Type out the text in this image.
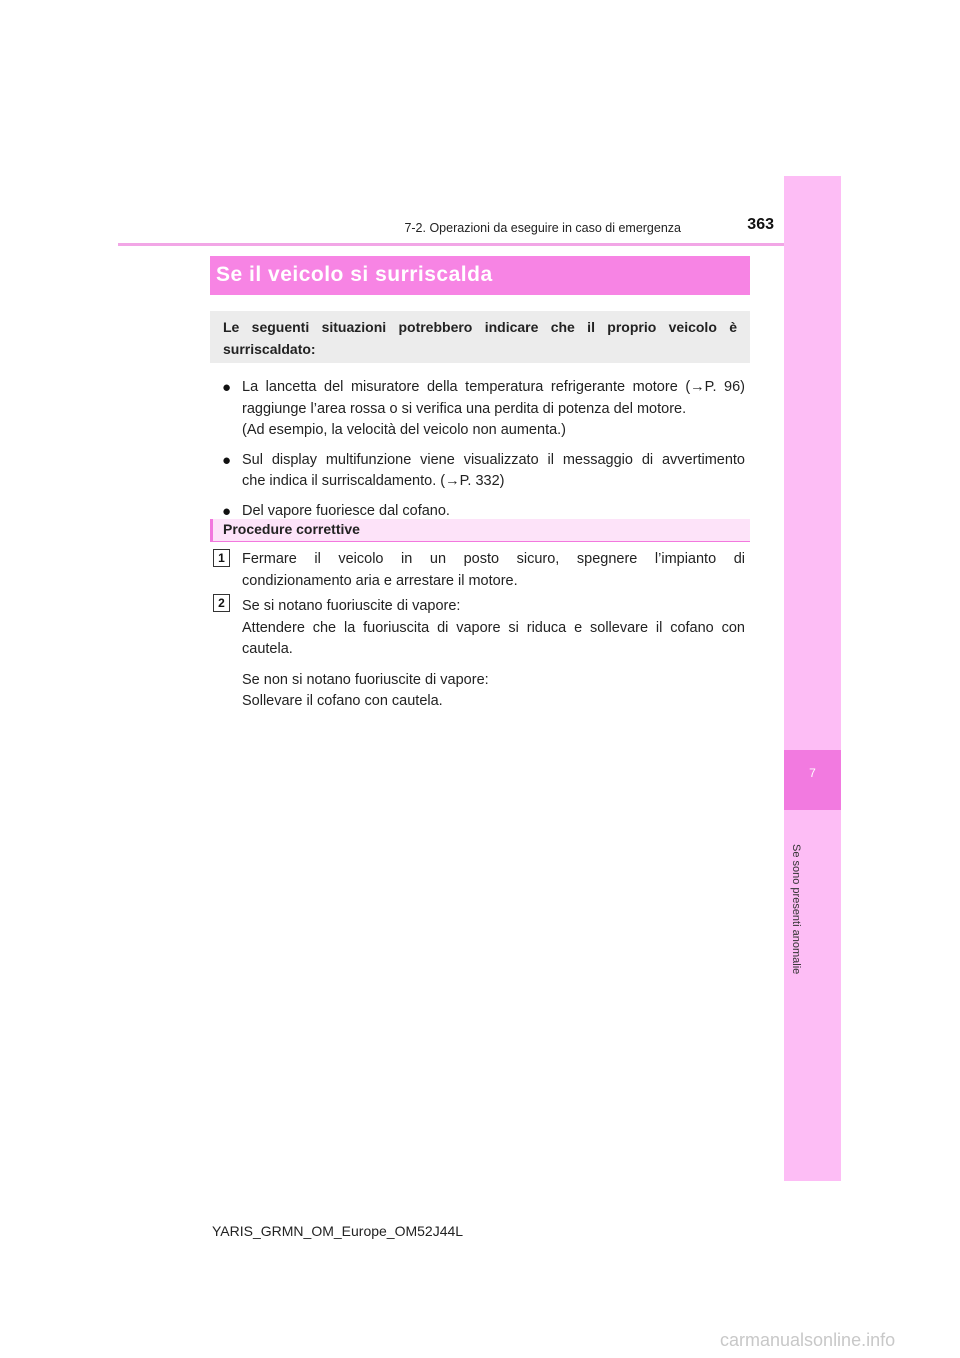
7-2. Operazioni da eseguire in caso di emergenza	363
7
Se sono presenti anomalie
Se il veicolo si surriscalda
Le seguenti situazioni potrebbero indicare che il proprio veicolo è surriscaldato:
● La lancetta del misuratore della temperatura refrigerante motore (→P. 96)
raggiunge l’area rossa o si verifica una perdita di potenza del motore.
(Ad esempio, la velocità del veicolo non aumenta.)
● Sul display multifunzione viene visualizzato il messaggio di avvertimento
che indica il surriscaldamento. (→P. 332)
● Del vapore fuoriesce dal cofano.
Procedure correttive
1	Fermare il veicolo in un posto sicuro, spegnere l’impianto di
condizionamento aria e arrestare il motore.
2	Se si notano fuoriuscite di vapore:
Attendere che la fuoriuscita di vapore si riduca e sollevare il cofano con
cautela.
Se non si notano fuoriuscite di vapore:
Sollevare il cofano con cautela.
YARIS_GRMN_OM_Europe_OM52J44L
carmanualsonline.info
